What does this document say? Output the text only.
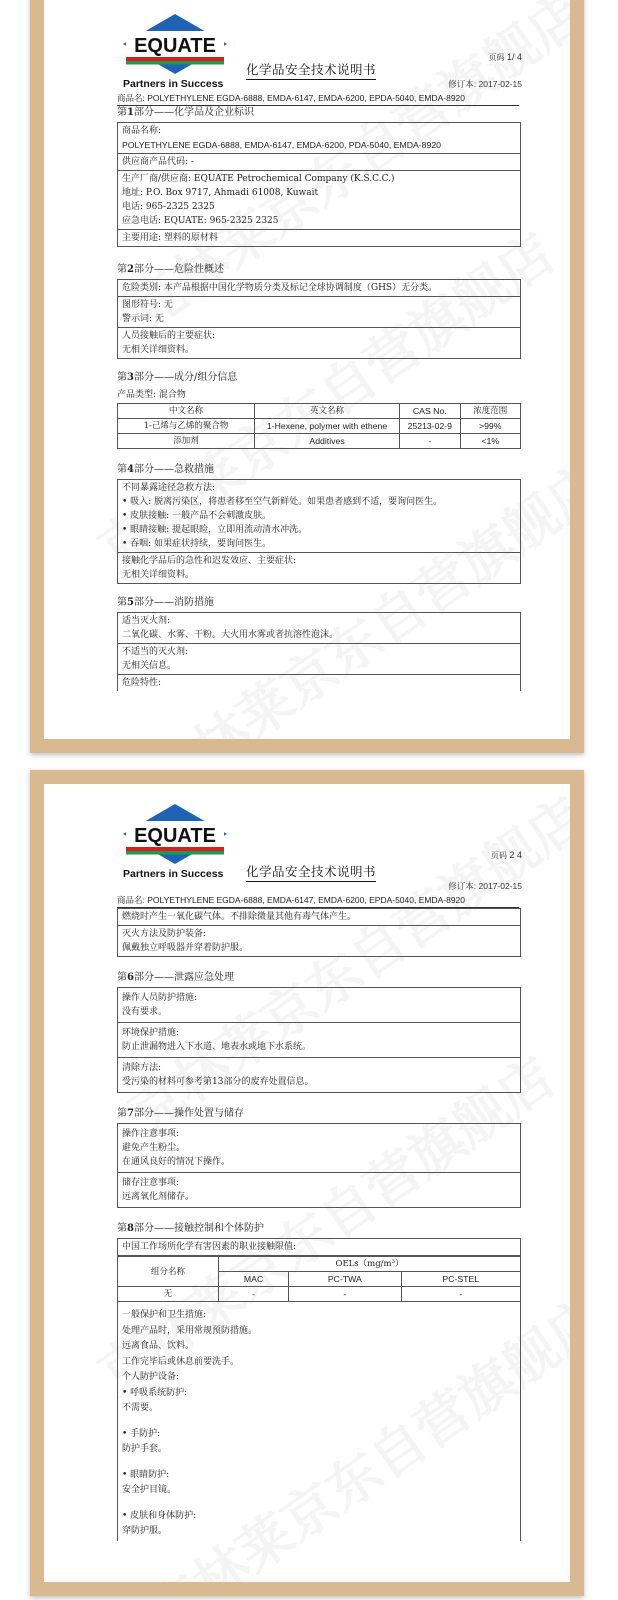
EQUATE
Partners in Success
页码 1/ 4
化学品安全技术说明书
修订本: 2017-02-15
商品名: POLYETHYLENE EGDA-6888, EMDA-6147, EMDA-6200, EPDA-5040, EMDA-8920
第1部分——化学品及企业标识
商品名称:
POLYETHYLENE EGDA-6888, EMDA-6147, EMDA-6200, PDA-5040, EMDA-8920
供应商产品代码: -
生产厂商/供应商: EQUATE Petrochemical Company (K.S.C.C.)
地址: P.O. Box 9717, Ahmadi 61008, Kuwait
电话: 965-2325 2325
应急电话: EQUATE: 965-2325 2325
主要用途: 塑料的原材料
第2部分——危险性概述
危险类别: 本产品根据中国化学物质分类及标记全球协调制度（GHS）无分类。
图形符号: 无
警示词: 无
人员接触后的主要症状:
无相关详细资料。
第3部分——成分/组分信息
产品类型: 混合物
中文名称	英文名称	CAS No.	浓度范围
1-己烯与乙烯的聚合物	1-Hexene, polymer with ethene	25213-02-9	>99%
添加剂	Additives	-	<1%
第4部分——急救措施
不同暴露途径急救方法:
• 吸入: 脱离污染区，将患者移至空气新鲜处。如果患者感到不适，要询问医生。
• 皮肤接触: 一般产品不会刺激皮肤。
• 眼睛接触: 提起眼睑，立即用流动清水冲洗。
• 吞咽: 如果症状持续，要询问医生。
接触化学品后的急性和迟发效应、主要症状:
无相关详细资料。
第5部分——消防措施
适当灭火剂:
二氧化碳、水雾、干粉。大火用水雾或者抗溶性泡沫。
不适当的灭火剂:
无相关信息。
危险特性:
EQUATE
Partners in Success
页码 2 4
化学品安全技术说明书
修订本: 2017-02-15
商品名: POLYETHYLENE EGDA-6888, EMDA-6147, EMDA-6200, EPDA-5040, EMDA-8920
燃烧时产生一氧化碳气体。不排除微量其他有毒气体产生。
灭火方法及防护装备:
佩戴独立呼吸器并穿着防护服。
第6部分——泄露应急处理
操作人员防护措施:
没有要求。
环境保护措施:
防止泄漏物进入下水道、地表水或地下水系统。
清除方法:
受污染的材料可参考第13部分的废弃处置信息。
第7部分——操作处置与储存
操作注意事项:
避免产生粉尘。
在通风良好的情况下操作。
储存注意事项:
远离氧化剂储存。
第8部分——接触控制和个体防护
中国工作场所化学有害因素的职业接触限值:
组分名称	OELs（mg/m³）		
	MAC	PC-TWA	PC-STEL
无	-	-	-
一般保护和卫生措施:
处理产品时，采用常规预防措施。
远离食品、饮料。
工作完毕后或休息前要洗手。
个人防护设备:
• 呼吸系统防护:
不需要。
• 手防护:
防护手套。
• 眼睛防护:
安全护目镜。
• 皮肤和身体防护:
穿防护服。
